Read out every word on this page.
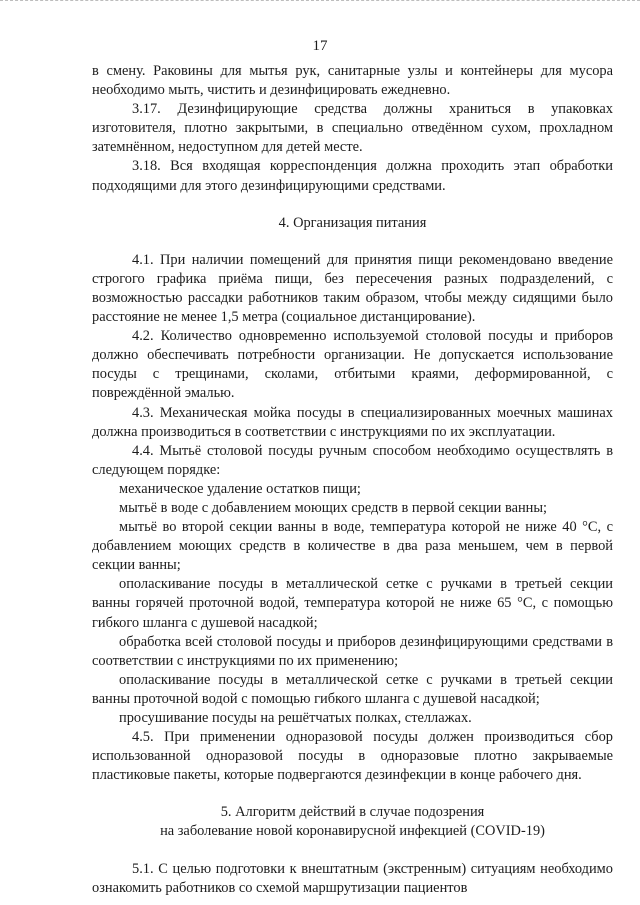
17

в смену. Раковины для мытья рук, санитарные узлы и контейнеры для мусора необходимо мыть, чистить и дезинфицировать ежедневно.

3.17. Дезинфицирующие средства должны храниться в упаковках изготовителя, плотно закрытыми, в специально отведённом сухом, прохладном затемнённом, недоступном для детей месте.

3.18. Вся входящая корреспонденция должна проходить этап обработки подходящими для этого дезинфицирующими средствами.

4. Организация питания

4.1. При наличии помещений для принятия пищи рекомендовано введение строгого графика приёма пищи, без пересечения разных подразделений, с возможностью рассадки работников таким образом, чтобы между сидящими было расстояние не менее 1,5 метра (социальное дистанцирование).

4.2. Количество одновременно используемой столовой посуды и приборов должно обеспечивать потребности организации. Не допускается использование посуды с трещинами, сколами, отбитыми краями, деформированной, с повреждённой эмалью.

4.3. Механическая мойка посуды в специализированных моечных машинах должна производиться в соответствии с инструкциями по их эксплуатации.

4.4. Мытьё столовой посуды ручным способом необходимо осуществлять в следующем порядке:

механическое удаление остатков пищи;

мытьё в воде с добавлением моющих средств в первой секции ванны;

мытьё во второй секции ванны в воде, температура которой не ниже 40 °С, с добавлением моющих средств в количестве в два раза меньшем, чем в первой секции ванны;

ополаскивание посуды в металлической сетке с ручками в третьей секции ванны горячей проточной водой, температура которой не ниже 65 °С, с помощью гибкого шланга с душевой насадкой;

обработка всей столовой посуды и приборов дезинфицирующими средствами в соответствии с инструкциями по их применению;

ополаскивание посуды в металлической сетке с ручками в третьей секции ванны проточной водой с помощью гибкого шланга с душевой насадкой;

просушивание посуды на решётчатых полках, стеллажах.

4.5. При применении одноразовой посуды должен производиться сбор использованной одноразовой посуды в одноразовые плотно закрываемые пластиковые пакеты, которые подвергаются дезинфекции в конце рабочего дня.

5. Алгоритм действий в случае подозрения

на заболевание новой коронавирусной инфекцией (COVID-19)

5.1. С целью подготовки к внештатным (экстренным) ситуациям необходимо ознакомить работников со схемой маршрутизации пациентов
